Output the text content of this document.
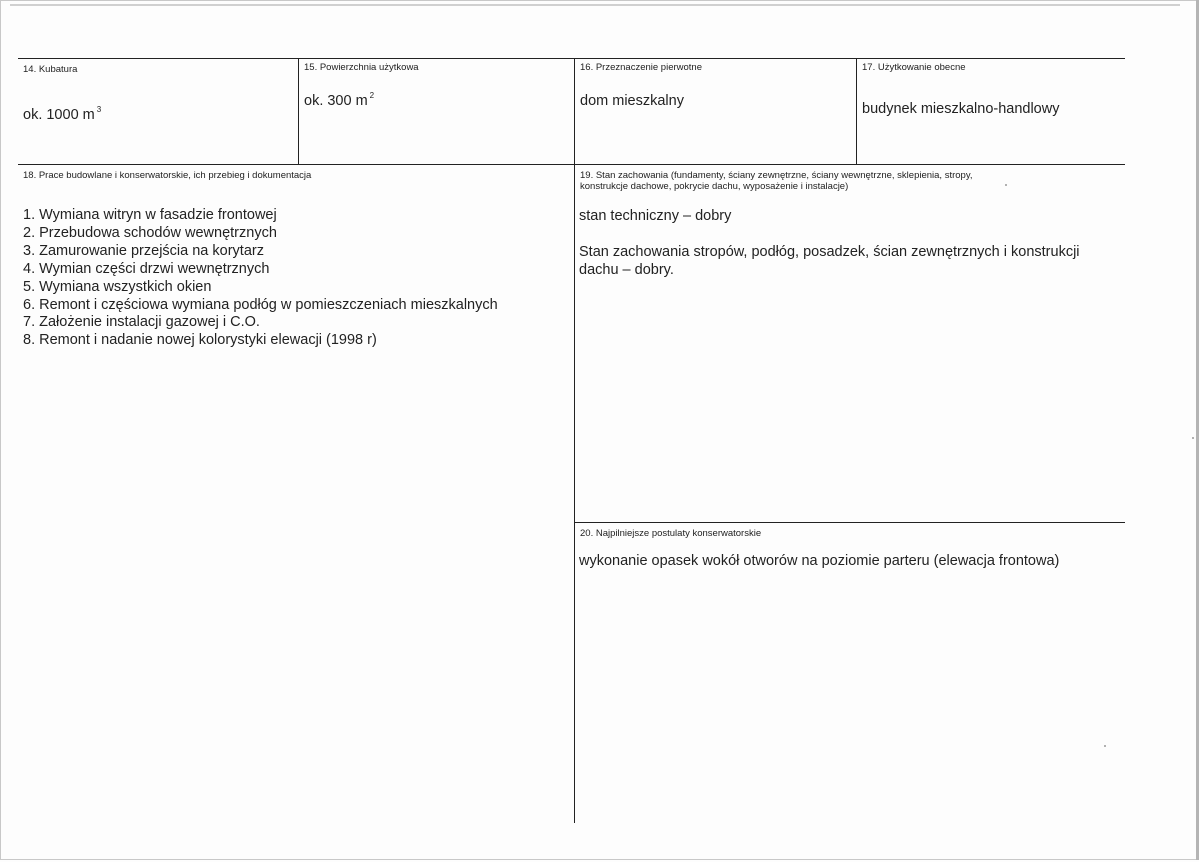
14. Kubatura
ok. 1000 m $^3$
15. Powierzchnia użytkowa
ok. 300 m $^2$
16. Przeznaczenie pierwotne
dom mieszkalny
17. Użytkowanie obecne
budynek mieszkalno-handlowy
18. Prace budowlane i konserwatorskie, ich przebieg i dokumentacja
1. Wymiana witryn w fasadzie frontowej
2. Przebudowa schodów wewnętrznych
3. Zamurowanie przejścia na korytarz
4. Wymian części drzwi wewnętrznych
5. Wymiana wszystkich okien
6. Remont i częściowa wymiana podłóg w pomieszczeniach mieszkalnych
7. Założenie instalacji gazowej i C.O.
8. Remont i nadanie nowej kolorystyki elewacji (1998 r)
19. Stan zachowania (fundamenty, ściany zewnętrzne, ściany wewnętrzne, sklepienia, stropy,
konstrukcje dachowe, pokrycie dachu, wyposażenie i instalacje)
stan techniczny – dobry
Stan zachowania stropów, podłóg, posadzek, ścian zewnętrznych i konstrukcji
dachu – dobry.
20. Najpilniejsze postulaty konserwatorskie
wykonanie opasek wokół otworów na poziomie parteru (elewacja frontowa)
